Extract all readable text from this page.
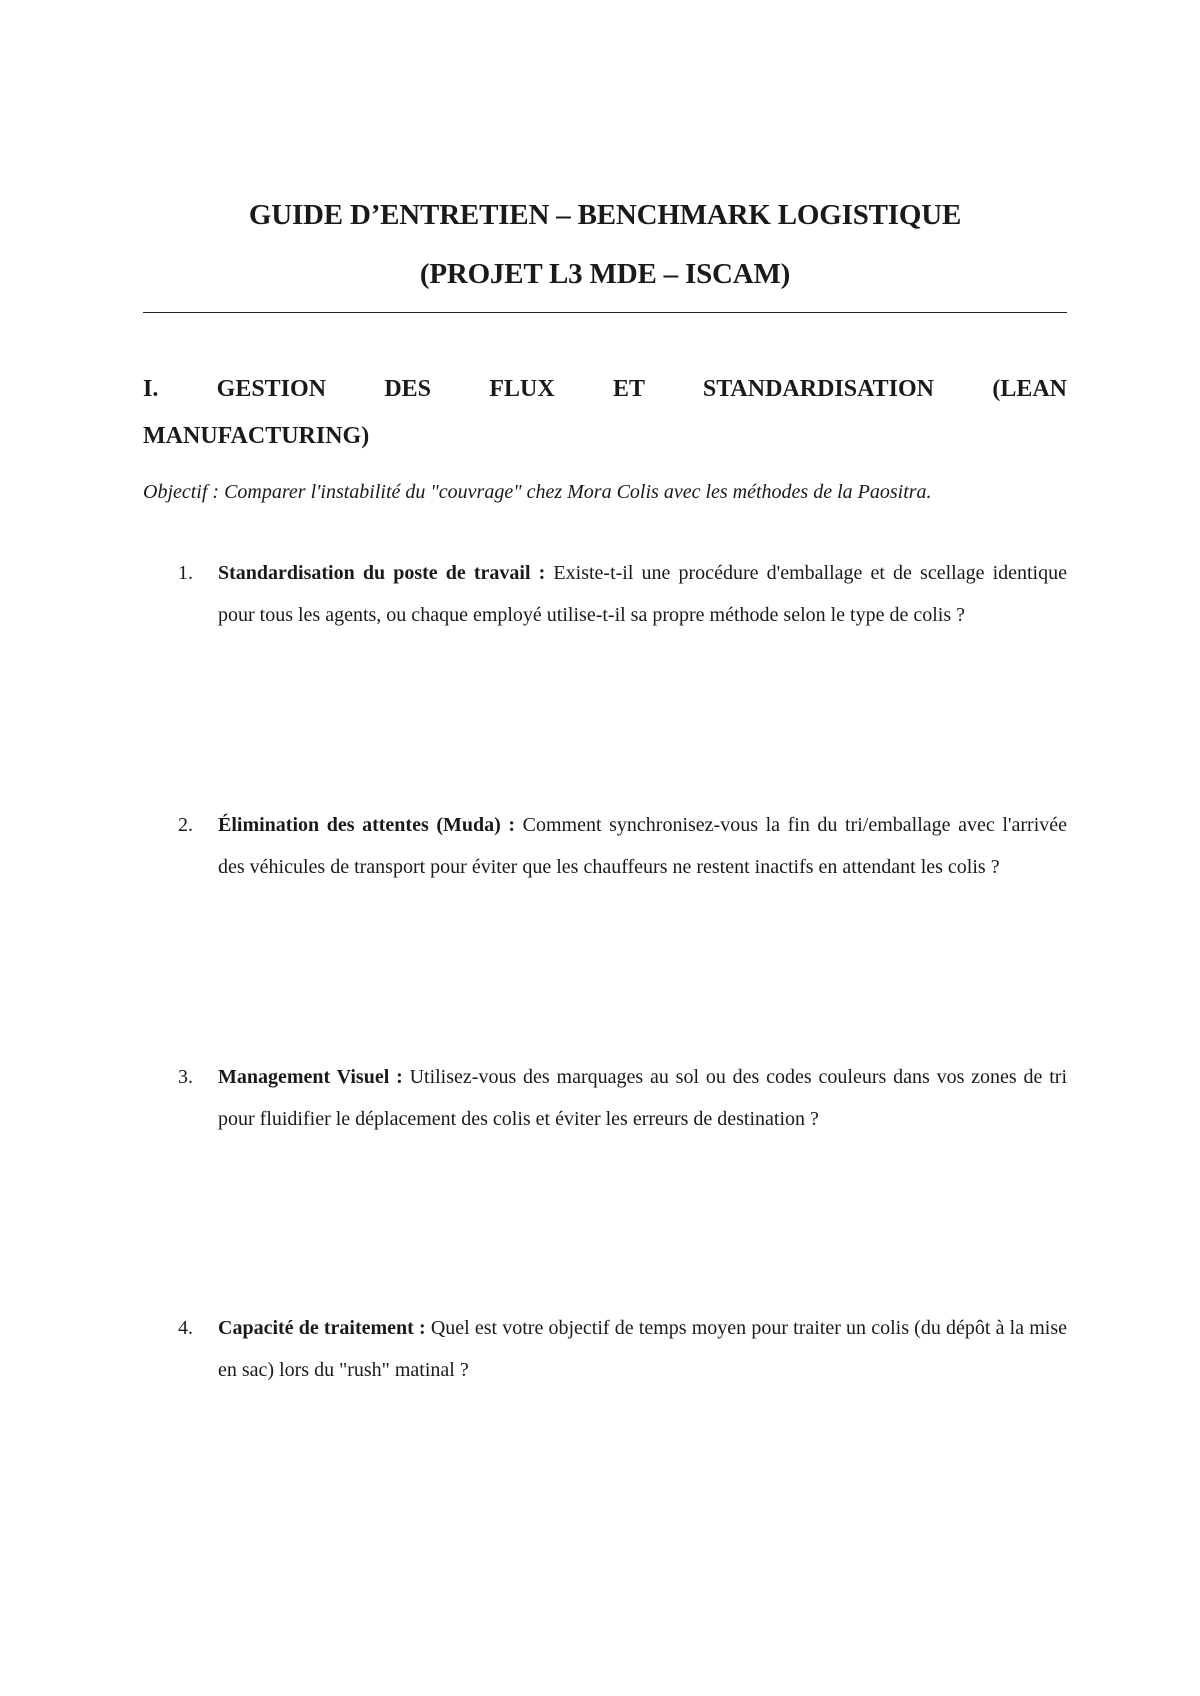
GUIDE D’ENTRETIEN – BENCHMARK LOGISTIQUE
(PROJET L3 MDE – ISCAM)
I. GESTION DES FLUX ET STANDARDISATION (LEAN
MANUFACTURING)
Objectif : Comparer l'instabilité du "couvrage" chez Mora Colis avec les méthodes de la Paositra.
1.	Standardisation du poste de travail : Existe-t-il une procédure d'emballage et de scellage identique pour tous les agents, ou chaque employé utilise-t-il sa propre méthode selon le type de colis ?
2.	Élimination des attentes (Muda) : Comment synchronisez-vous la fin du tri/emballage avec l'arrivée des véhicules de transport pour éviter que les chauffeurs ne restent inactifs en attendant les colis ?
3.	Management Visuel : Utilisez-vous des marquages au sol ou des codes couleurs dans vos zones de tri pour fluidifier le déplacement des colis et éviter les erreurs de destination ?
4.	Capacité de traitement : Quel est votre objectif de temps moyen pour traiter un colis (du dépôt à la mise en sac) lors du "rush" matinal ?
